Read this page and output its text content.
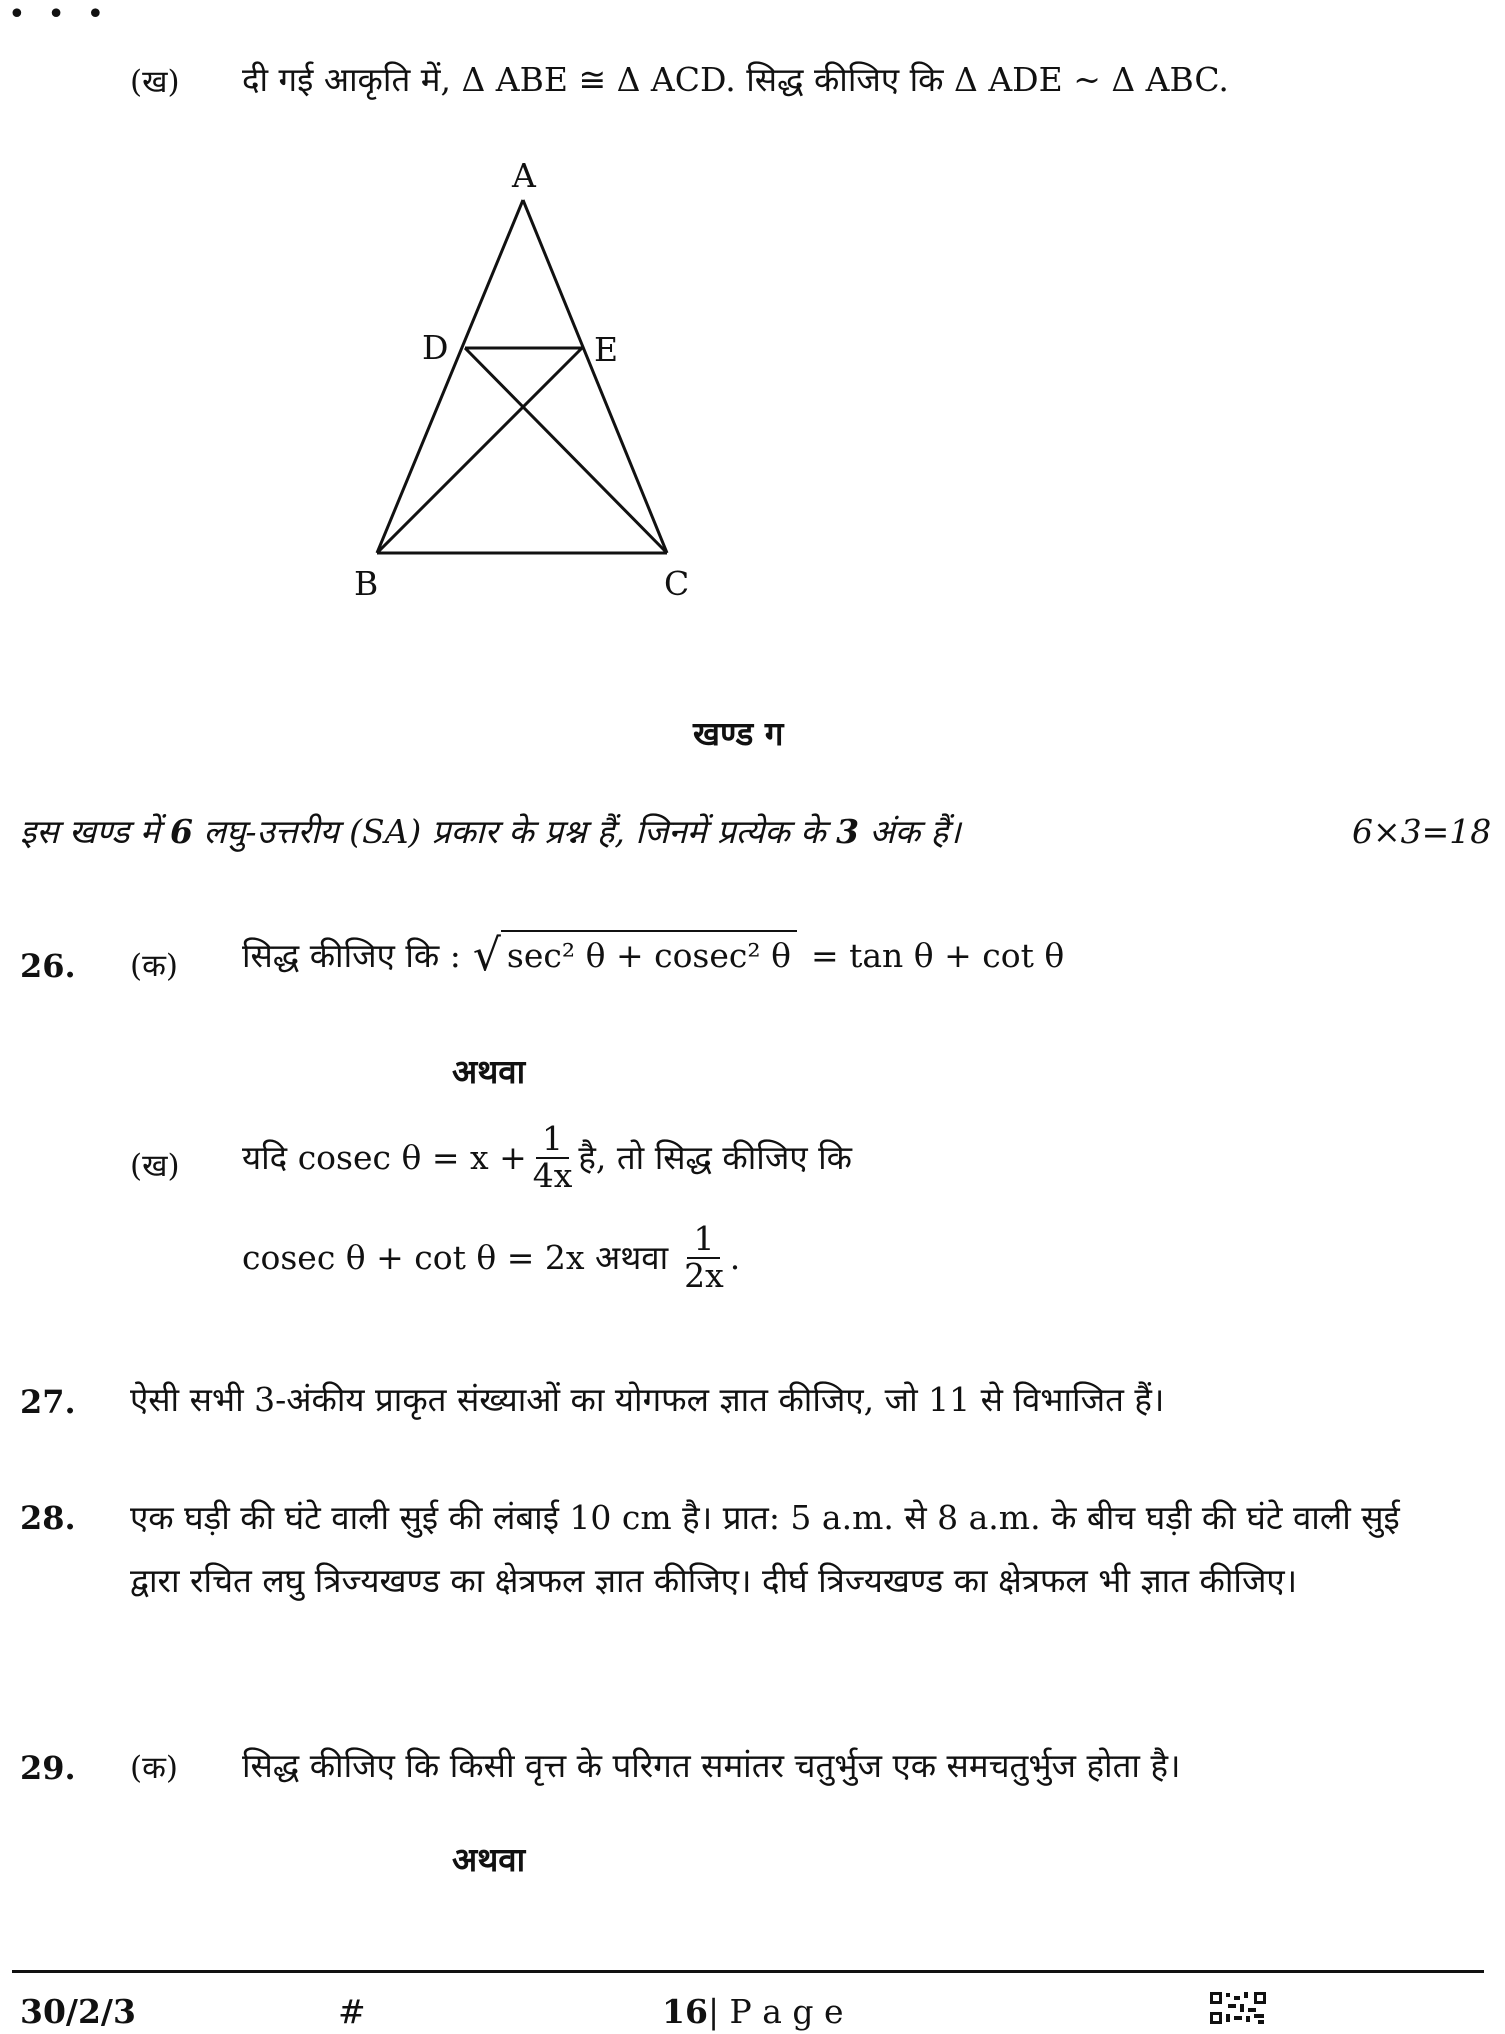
• • •
(ख) दी गई आकृति में, Δ ABE ≅ Δ ACD. सिद्ध कीजिए कि Δ ADE ~ Δ ABC.
A
D	E
B	C
खण्ड ग
इस खण्ड में 6 लघु-उत्तरीय (SA) प्रकार के प्रश्न हैं, जिनमें प्रत्येक के 3 अंक हैं।	6×3=18
26. (क) सिद्ध कीजिए कि : √ sec² θ + cosec² θ = tan θ + cot θ
अथवा
(ख) यदि cosec $\theta = x + \frac{1}{4x}$ है, तो सिद्ध कीजिए कि
cosec θ + cot θ = 2x अथवा $\frac{1}{2x}$ .
27. ऐसी सभी 3-अंकीय प्राकृत संख्याओं का योगफल ज्ञात कीजिए, जो 11 से विभाजित हैं।
28. एक घड़ी की घंटे वाली सुई की लंबाई 10 cm है। प्रात: 5 a.m. से 8 a.m. के बीच घड़ी की घंटे वाली सुई द्वारा रचित लघु त्रिज्यखण्ड का क्षेत्रफल ज्ञात कीजिए। दीर्घ त्रिज्यखण्ड का क्षेत्रफल भी ज्ञात कीजिए।
29. (क) सिद्ध कीजिए कि किसी वृत्त के परिगत समांतर चतुर्भुज एक समचतुर्भुज होता है।
अथवा
30/2/3	#	16| P a g e
